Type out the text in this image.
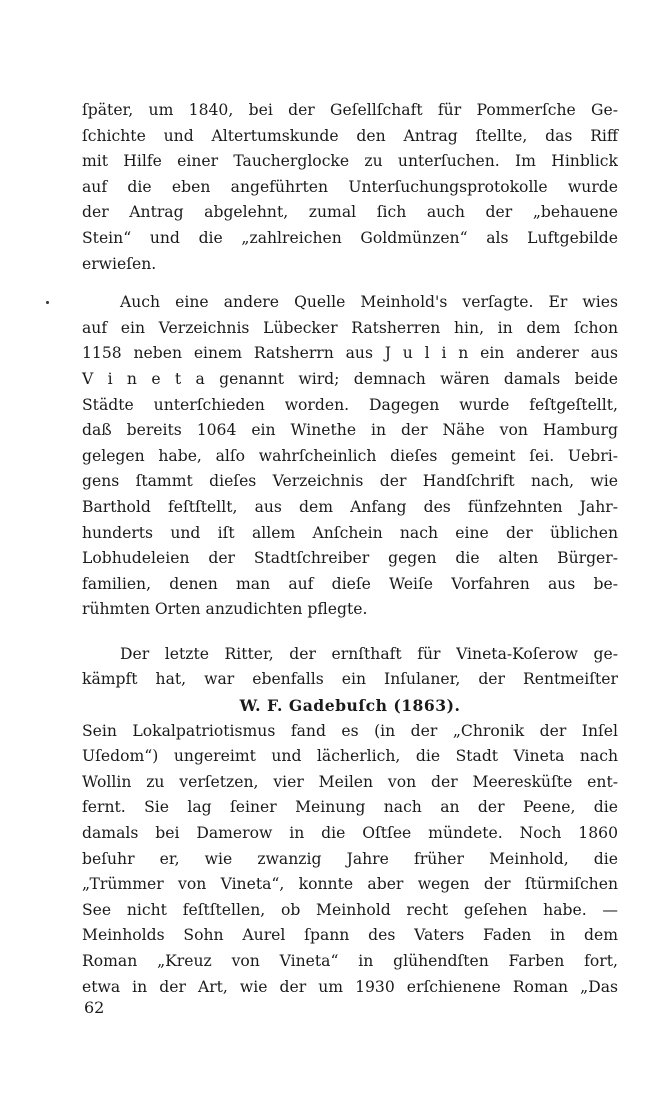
ſpäter, um 1840, bei der Geſellſchaft für Pommerſche Ge-
ſchichte und Altertumskunde den Antrag ſtellte, das Riff
mit Hilfe einer Taucherglocke zu unterſuchen. Im Hinblick
auf die eben angeführten Unterſuchungsprotokolle wurde
der Antrag abgelehnt, zumal ſich auch der „behauene
Stein“ und die „zahlreichen Goldmünzen“ als Luftgebilde
erwieſen.
Auch eine andere Quelle Meinhold's verſagte. Er wies
auf ein Verzeichnis Lübecker Ratsherren hin, in dem ſchon
1158 neben einem Ratsherrn aus J u l i n ein anderer aus
V i n e t a genannt wird; demnach wären damals beide
Städte unterſchieden worden. Dagegen wurde feſtgeſtellt,
daß bereits 1064 ein Winethe in der Nähe von Hamburg
gelegen habe, alſo wahrſcheinlich dieſes gemeint ſei. Uebri-
gens ſtammt dieſes Verzeichnis der Handſchrift nach, wie
Barthold feſtſtellt, aus dem Anfang des fünfzehnten Jahr-
hunderts und iſt allem Anſchein nach eine der üblichen
Lobhudeleien der Stadtſchreiber gegen die alten Bürger-
familien, denen man auf dieſe Weiſe Vorfahren aus be-
rühmten Orten anzudichten pflegte.
Der letzte Ritter, der ernſthaft für Vineta-Koſerow ge-
kämpft hat, war ebenfalls ein Inſulaner, der Rentmeiſter
W. F. Gadebuſch (1863).
Sein Lokalpatriotismus fand es (in der „Chronik der Inſel
Uſedom“) ungereimt und lächerlich, die Stadt Vineta nach
Wollin zu verſetzen, vier Meilen von der Meeresküſte ent-
fernt. Sie lag ſeiner Meinung nach an der Peene, die
damals bei Damerow in die Oſtſee mündete. Noch 1860
beſuhr er, wie zwanzig Jahre früher Meinhold, die
„Trümmer von Vineta“, konnte aber wegen der ſtürmiſchen
See nicht feſtſtellen, ob Meinhold recht geſehen habe. —
Meinholds Sohn Aurel ſpann des Vaters Faden in dem
Roman „Kreuz von Vineta“ in glühendſten Farben fort,
etwa in der Art, wie der um 1930 erſchienene Roman „Das
62
